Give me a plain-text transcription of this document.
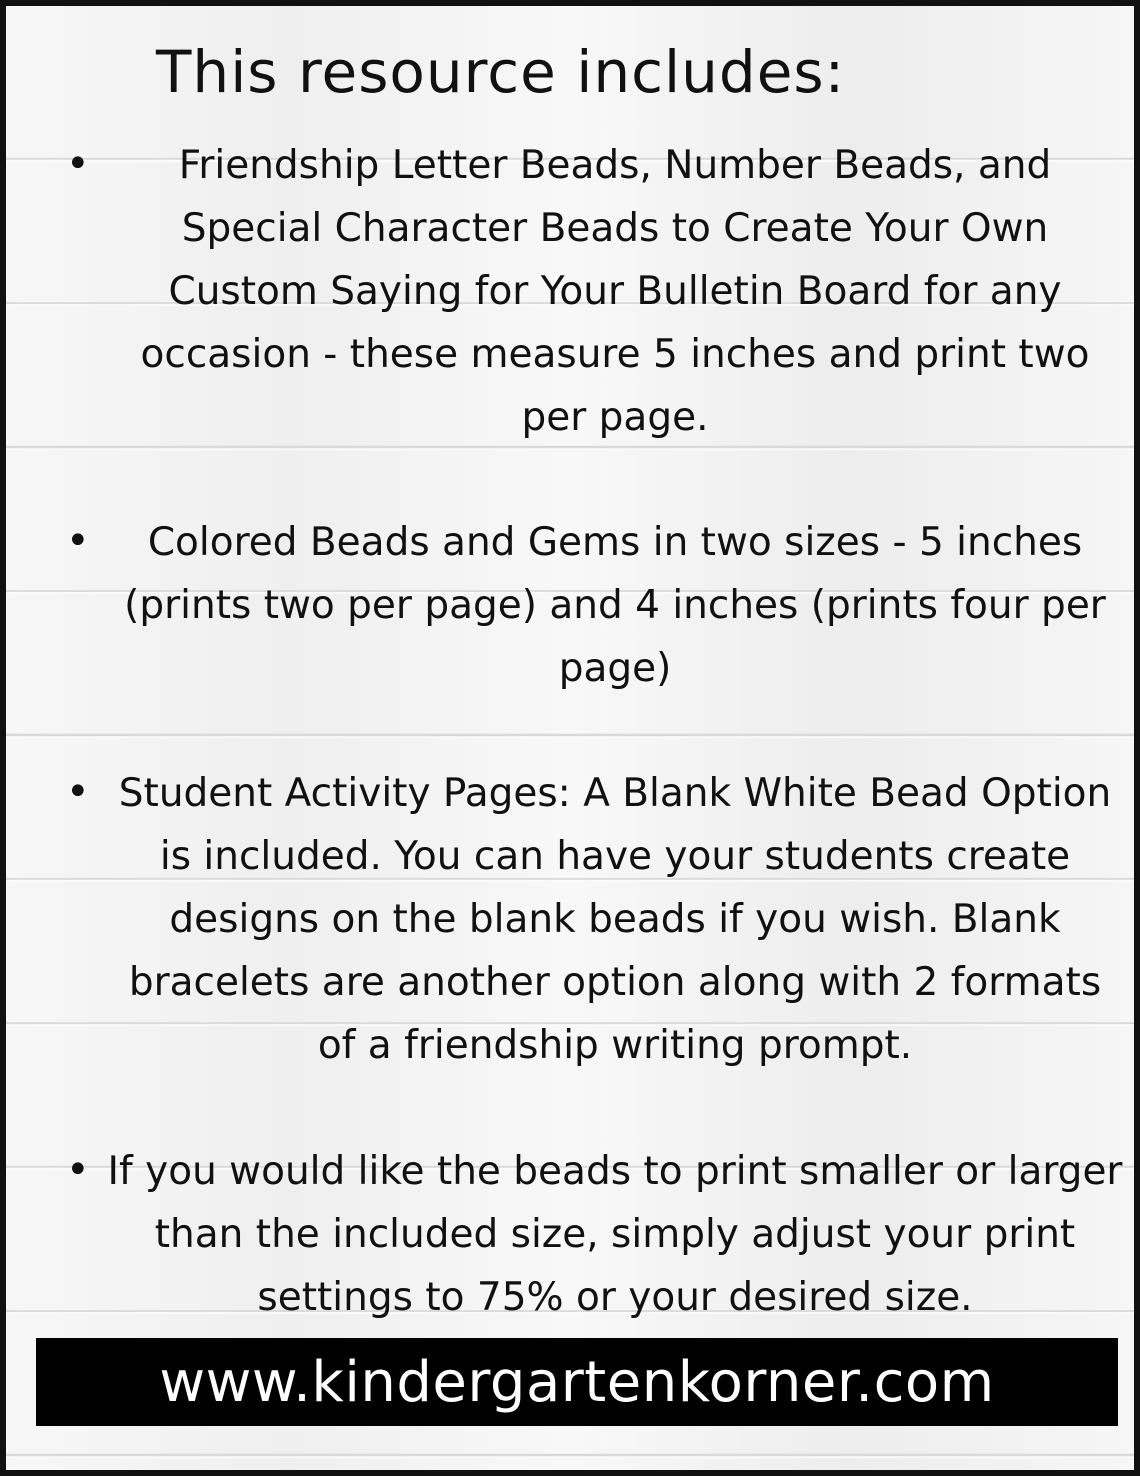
This resource includes:
•	Friendship Letter Beads, Number Beads, and Special Character Beads to Create Your Own Custom Saying for Your Bulletin Board for any occasion - these measure 5 inches and print two per page.

•	Colored Beads and Gems in two sizes - 5 inches (prints two per page) and 4 inches (prints four per page)

• Student Activity Pages: A Blank White Bead Option is included. You can have your students create designs on the blank beads if you wish. Blank bracelets are another option along with 2 formats of a friendship writing prompt.

• If you would like the beads to print smaller or larger than the included size, simply adjust your print settings to 75% or your desired size.

www.kindergartenkorner.com
